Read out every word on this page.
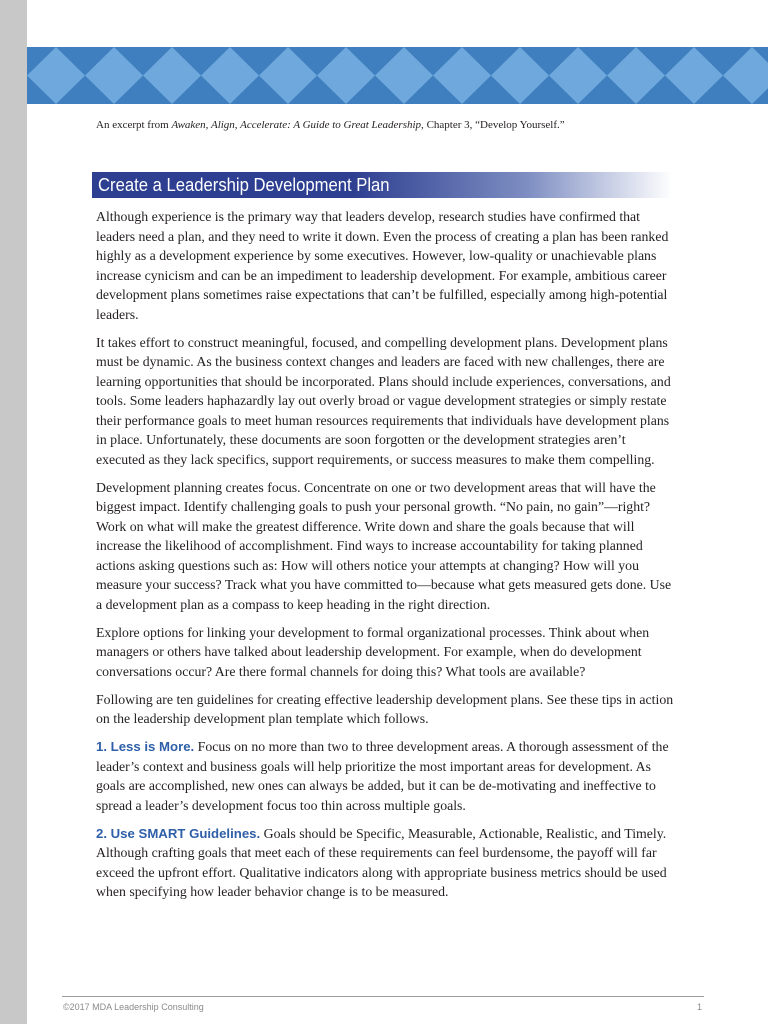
An excerpt from Awaken, Align, Accelerate: A Guide to Great Leadership, Chapter 3, “Develop Yourself.”
Create a Leadership Development Plan

Although experience is the primary way that leaders develop, research studies have confirmed that leaders need a plan, and they need to write it down. Even the process of creating a plan has been ranked highly as a development experience by some executives. However, low-quality or unachievable plans increase cynicism and can be an impediment to leadership development. For example, ambitious career development plans sometimes raise expectations that can’t be fulfilled, especially among high-potential leaders.

It takes effort to construct meaningful, focused, and compelling development plans. Development plans must be dynamic. As the business context changes and leaders are faced with new challenges, there are learning opportunities that should be incorporated. Plans should include experiences, conversations, and tools. Some leaders haphazardly lay out overly broad or vague development strategies or simply restate their performance goals to meet human resources requirements that individuals have development plans in place. Unfortunately, these documents are soon forgotten or the development strategies aren’t executed as they lack specifics, support requirements, or success measures to make them compelling.

Development planning creates focus. Concentrate on one or two development areas that will have the biggest impact. Identify challenging goals to push your personal growth. “No pain, no gain”—right? Work on what will make the greatest difference. Write down and share the goals because that will increase the likelihood of accomplishment. Find ways to increase accountability for taking planned actions asking questions such as: How will others notice your attempts at changing? How will you measure your success? Track what you have committed to—because what gets measured gets done. Use a development plan as a compass to keep heading in the right direction.

Explore options for linking your development to formal organizational processes. Think about when managers or others have talked about leadership development. For example, when do development conversations occur? Are there formal channels for doing this? What tools are available?

Following are ten guidelines for creating effective leadership development plans. See these tips in action on the leadership development plan template which follows.

1. Less is More. Focus on no more than two to three development areas. A thorough assessment of the leader’s context and business goals will help prioritize the most important areas for development. As goals are accomplished, new ones can always be added, but it can be de-motivating and ineffective to spread a leader’s development focus too thin across multiple goals.

2. Use SMART Guidelines. Goals should be Specific, Measurable, Actionable, Realistic, and Timely. Although crafting goals that meet each of these requirements can feel burdensome, the payoff will far exceed the upfront effort. Qualitative indicators along with appropriate business metrics should be used when specifying how leader behavior change is to be measured.

©2017 MDA Leadership Consulting	1
